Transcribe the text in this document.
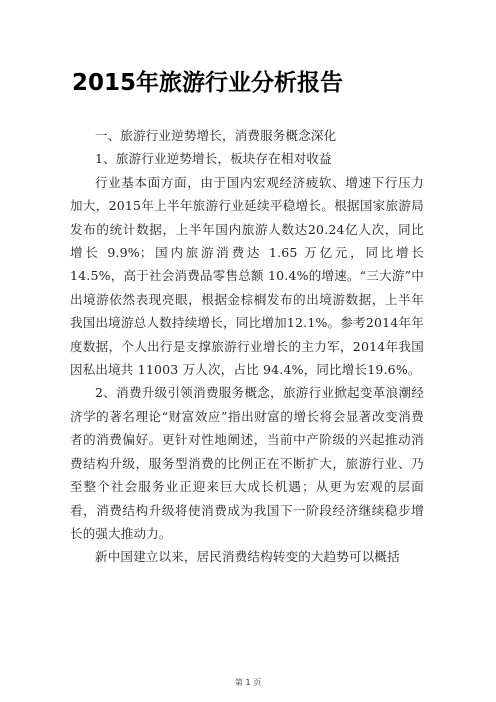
2015年旅游行业分析报告

一、旅游行业逆势增长，消费服务概念深化

1、旅游行业逆势增长，板块存在相对收益

行业基本面方面，由于国内宏观经济疲软、增速下行压力加大，2015年上半年旅游行业延续平稳增长。根据国家旅游局发布的统计数据，上半年国内旅游人数达20.24亿人次，同比增长 9.9%；国内旅游消费达 1.65 万亿元，同比增长14.5%，高于社会消费品零售总额 10.4%的增速。“三大游”中出境游依然表现亮眼，根据金棕榈发布的出境游数据，上半年我国出境游总人数持续增长，同比增加12.1%。参考2014年年度数据，个人出行是支撑旅游行业增长的主力军，2014年我国因私出境共 11003 万人次，占比 94.4%，同比增长19.6%。

2、消费升级引领消费服务概念，旅游行业掀起变革浪潮经济学的著名理论“财富效应”指出财富的增长将会显著改变消费者的消费偏好。更针对性地阐述，当前中产阶级的兴起推动消费结构升级，服务型消费的比例正在不断扩大，旅游行业、乃至整个社会服务业正迎来巨大成长机遇；从更为宏观的层面看，消费结构升级将使消费成为我国下一阶段经济继续稳步增长的强大推动力。

新中国建立以来，居民消费结构转变的大趋势可以概括

第 1 页
